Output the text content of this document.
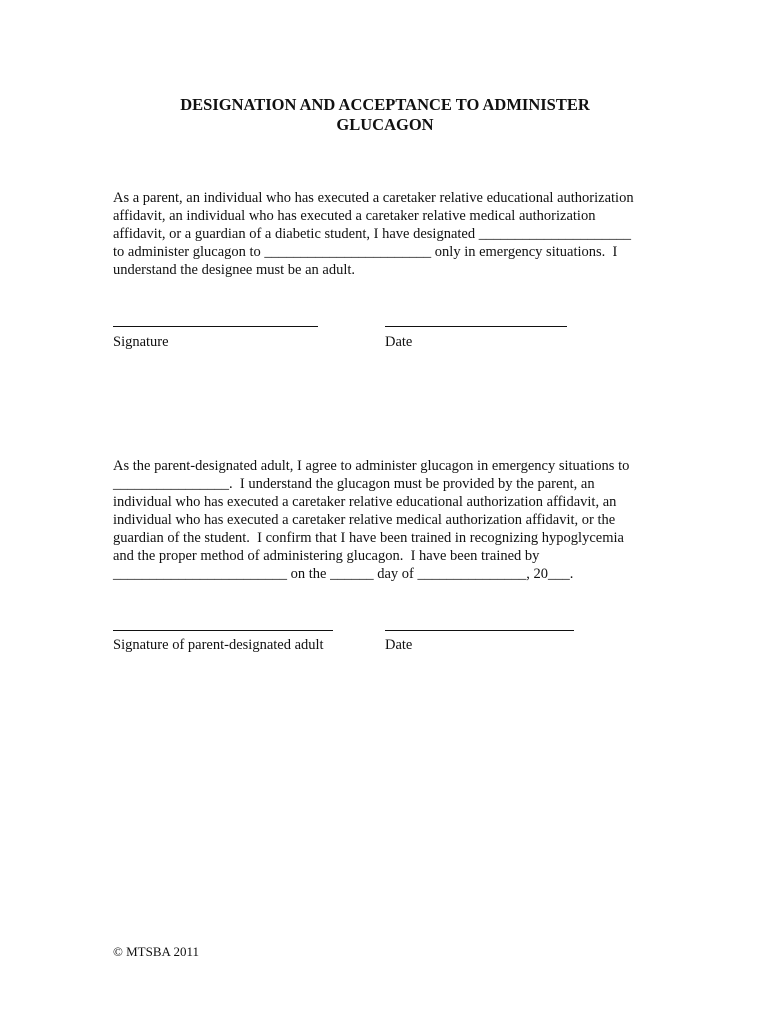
DESIGNATION AND ACCEPTANCE TO ADMINISTER
GLUCAGON
As a parent, an individual who has executed a caretaker relative educational authorization
affidavit, an individual who has executed a caretaker relative medical authorization
affidavit, or a guardian of a diabetic student, I have designated _____________________
to administer glucagon to _______________________ only in emergency situations.  I
understand the designee must be an adult.
Signature	Date
As the parent-designated adult, I agree to administer glucagon in emergency situations to
________________.  I understand the glucagon must be provided by the parent, an
individual who has executed a caretaker relative educational authorization affidavit, an
individual who has executed a caretaker relative medical authorization affidavit, or the
guardian of the student.  I confirm that I have been trained in recognizing hypoglycemia
and the proper method of administering glucagon.  I have been trained by
________________________ on the ______ day of _______________, 20___.
Signature of parent-designated adult	Date
© MTSBA 2011
